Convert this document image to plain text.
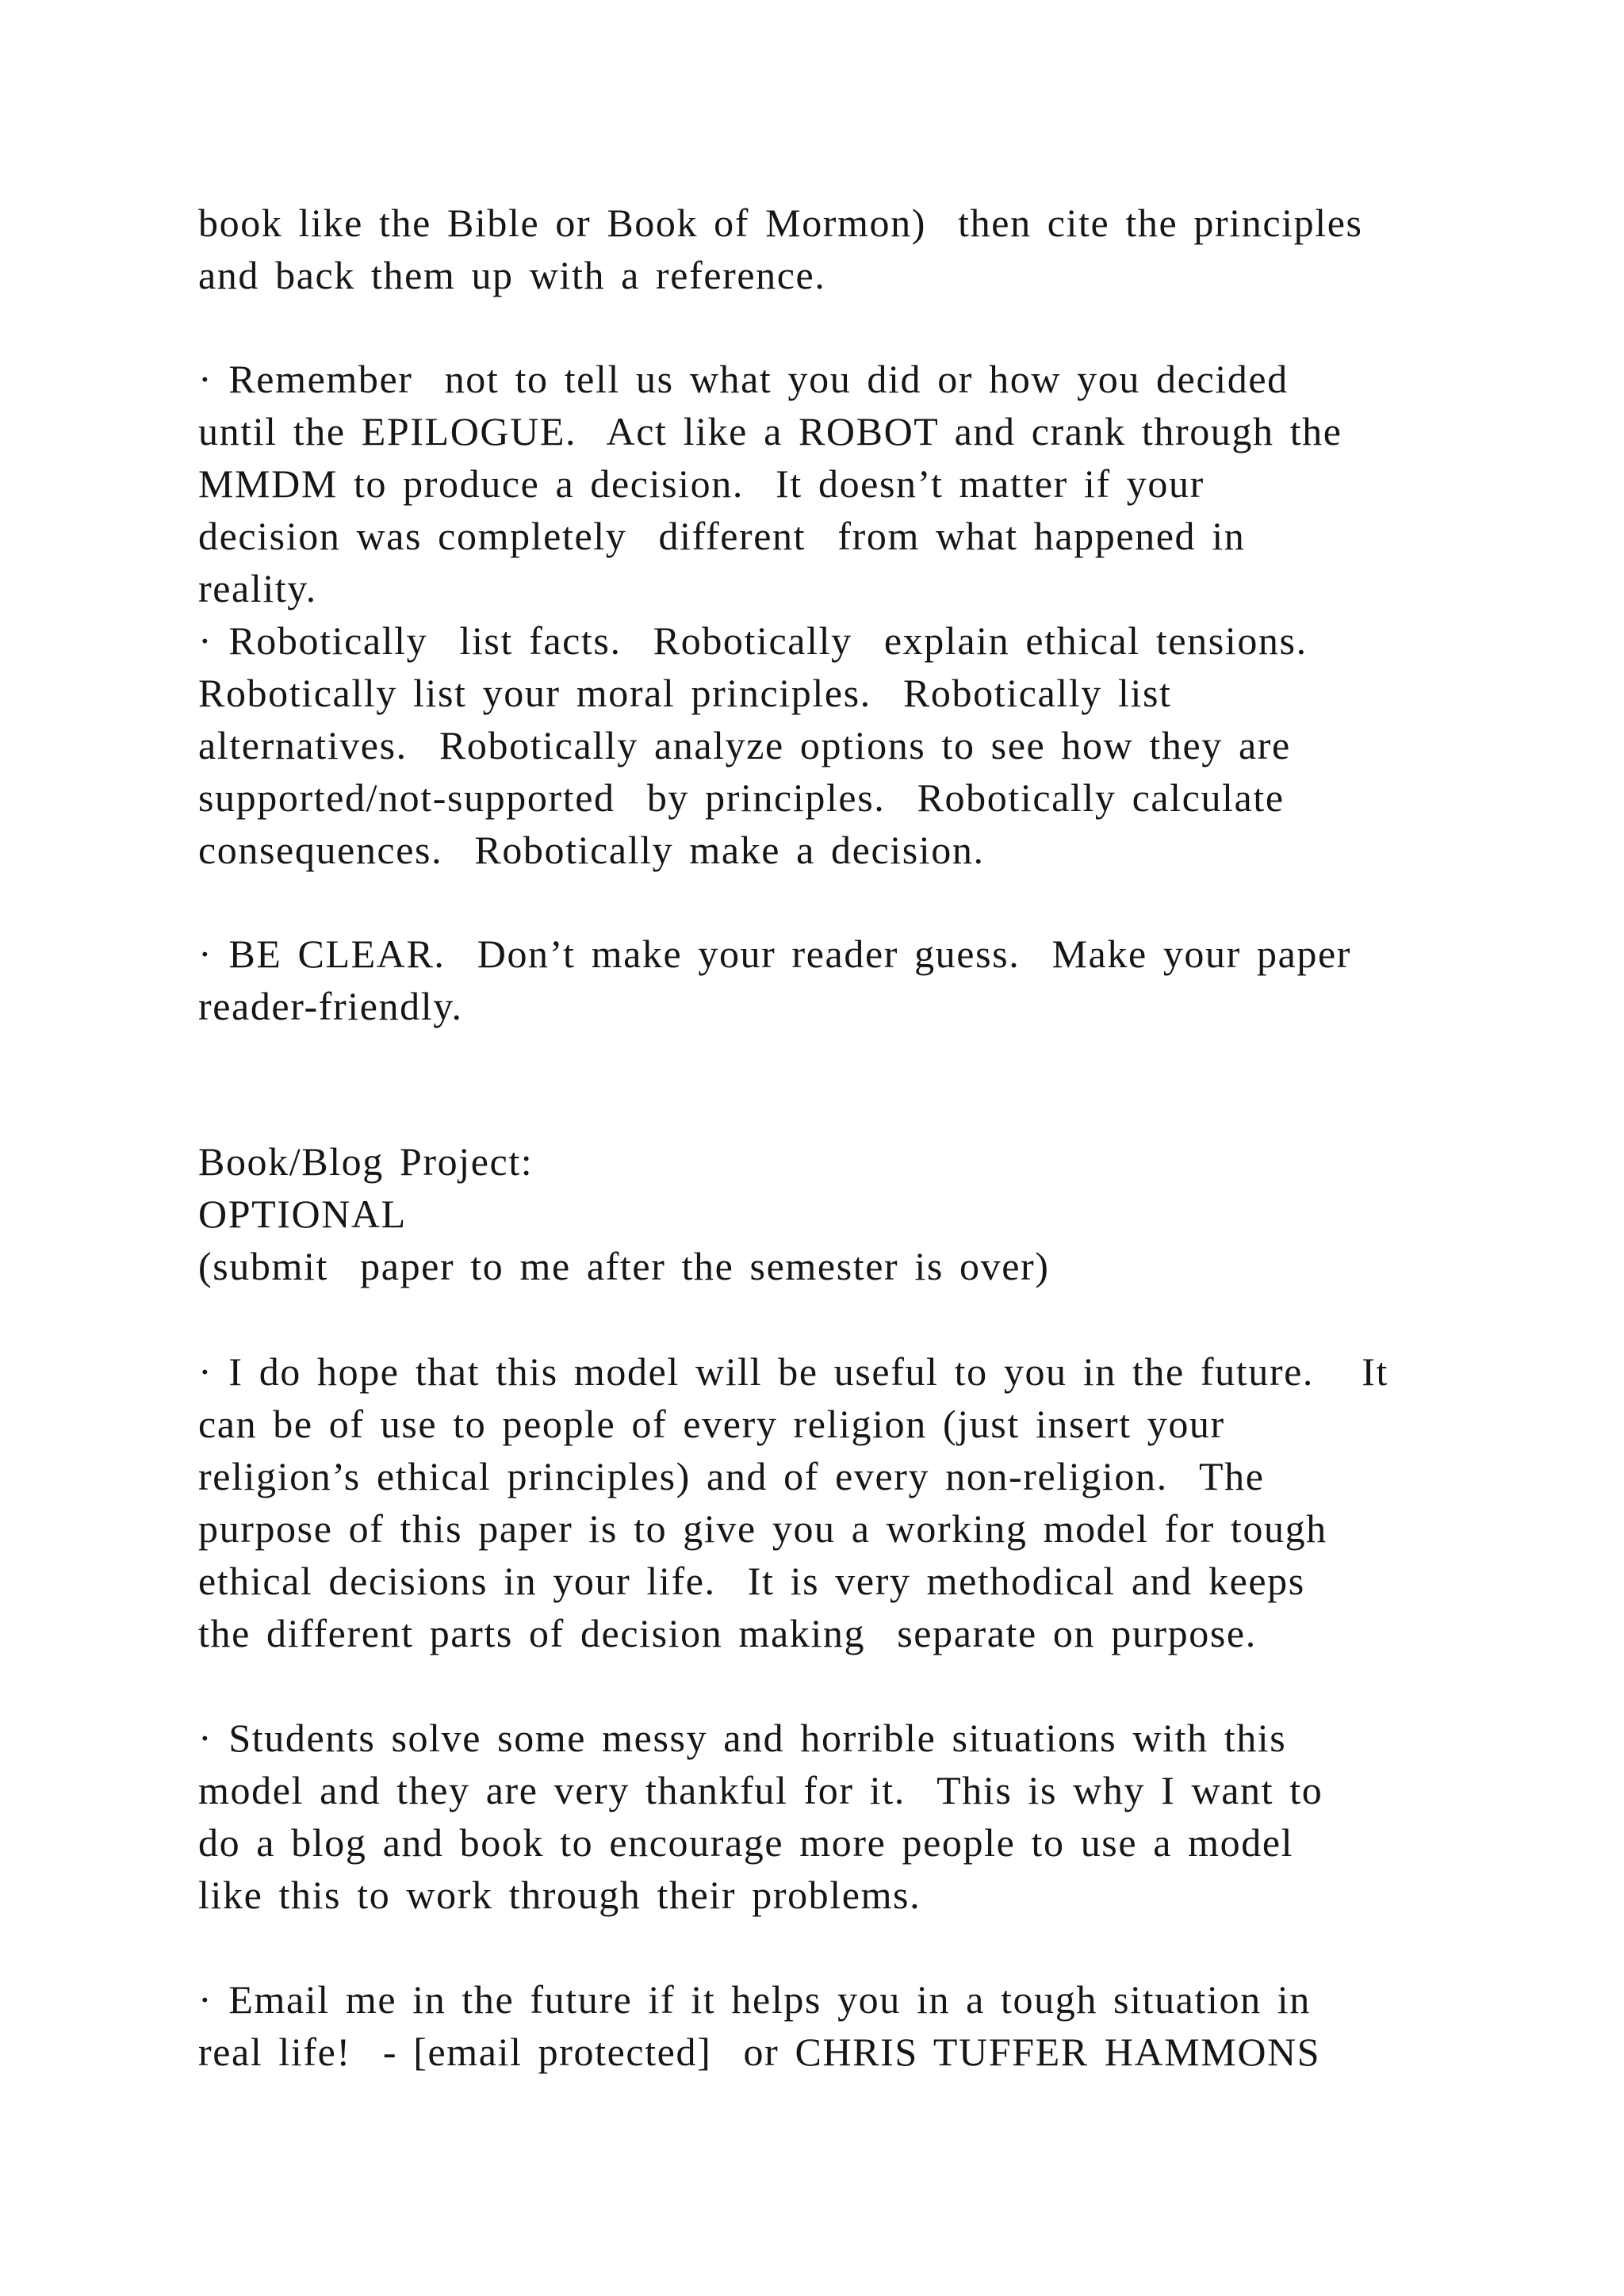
book like the Bible or Book of Mormon)  then cite the principles
and back them up with a reference.
· Remember  not to tell us what you did or how you decided
until the EPILOGUE.  Act like a ROBOT and crank through the
MMDM to produce a decision.  It doesn’t matter if your
decision was completely  different  from what happened in
reality.
· Robotically  list facts.  Robotically  explain ethical tensions.
Robotically list your moral principles.  Robotically list
alternatives.  Robotically analyze options to see how they are
supported/not-supported  by principles.  Robotically calculate
consequences.  Robotically make a decision.
· BE CLEAR.  Don’t make your reader guess.  Make your paper
reader-friendly.
Book/Blog Project:
OPTIONAL
(submit  paper to me after the semester is over)
· I do hope that this model will be useful to you in the future.   It
can be of use to people of every religion (just insert your
religion’s ethical principles) and of every non-religion.  The
purpose of this paper is to give you a working model for tough
ethical decisions in your life.  It is very methodical and keeps
the different parts of decision making  separate on purpose.
· Students solve some messy and horrible situations with this
model and they are very thankful for it.  This is why I want to
do a blog and book to encourage more people to use a model
like this to work through their problems.
· Email me in the future if it helps you in a tough situation in
real life!  - [email protected]  or CHRIS TUFFER HAMMONS
